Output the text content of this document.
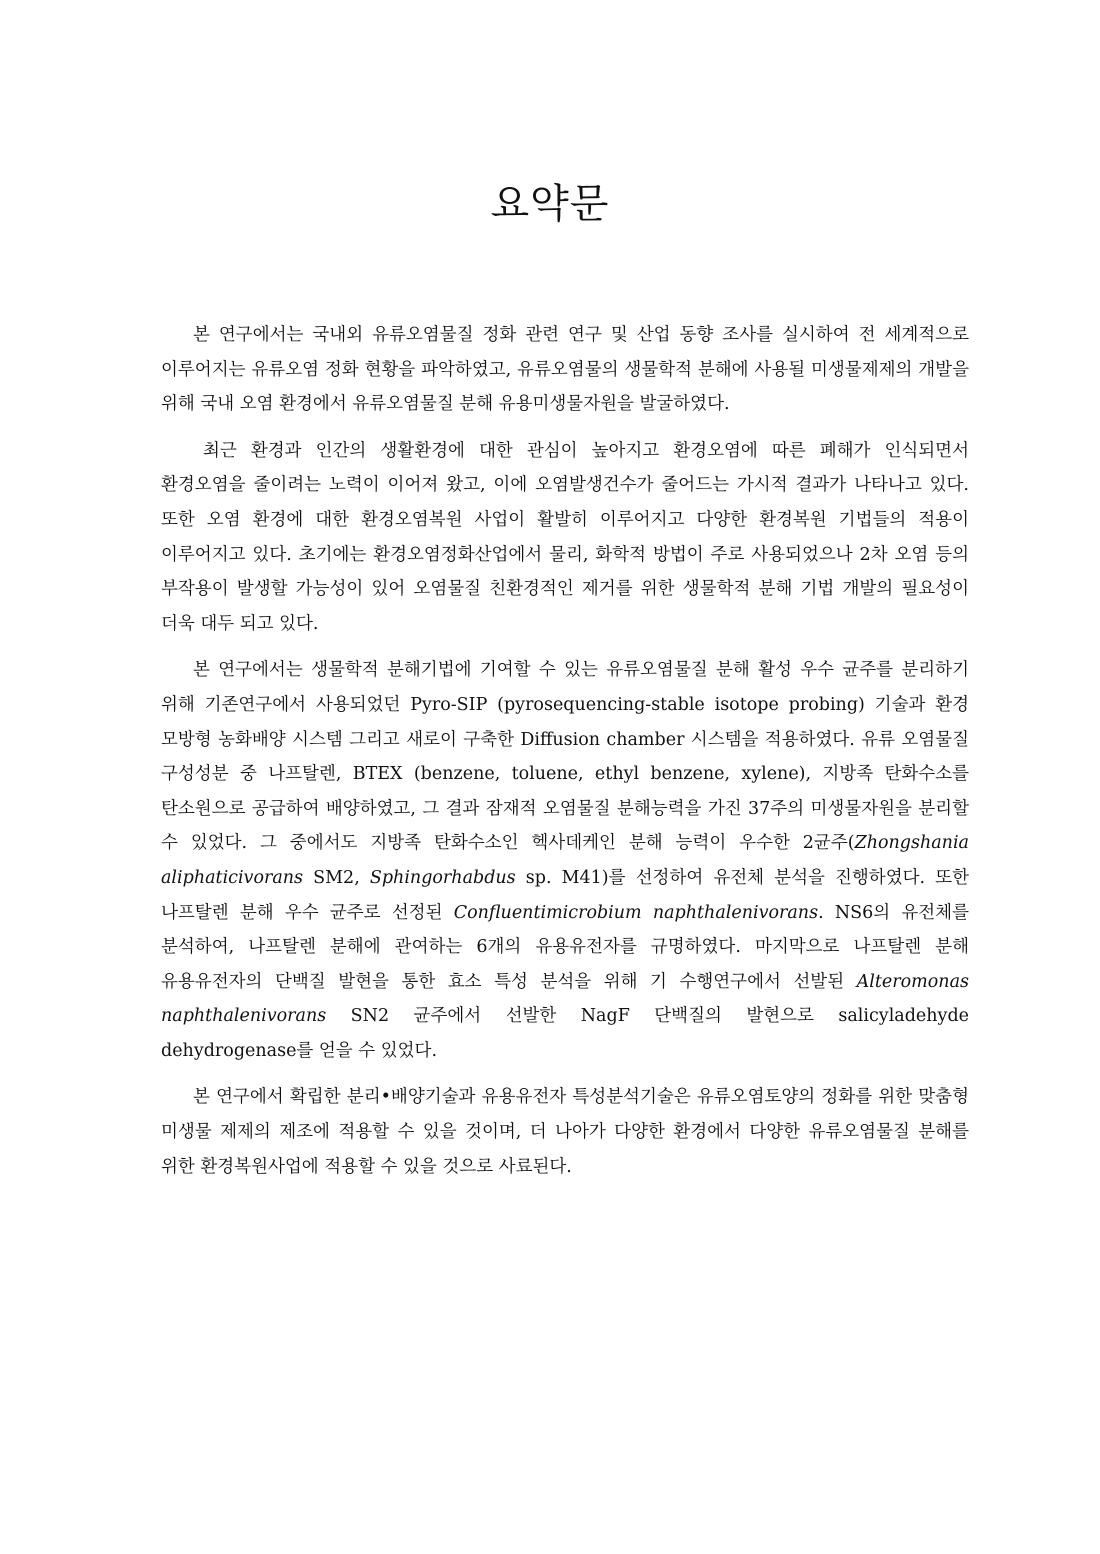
요약문

본 연구에서는 국내외 유류오염물질 정화 관련 연구 및 산업 동향 조사를 실시하여 전 세계적으로 이루어지는 유류오염 정화 현황을 파악하였고, 유류오염물의 생물학적 분해에 사용될 미생물제제의 개발을 위해 국내 오염 환경에서 유류오염물질 분해 유용미생물자원을 발굴하였다.

최근 환경과 인간의 생활환경에 대한 관심이 높아지고 환경오염에 따른 폐해가 인식되면서 환경오염을 줄이려는 노력이 이어져 왔고, 이에 오염발생건수가 줄어드는 가시적 결과가 나타나고 있다. 또한 오염 환경에 대한 환경오염복원 사업이 활발히 이루어지고 다양한 환경복원 기법들의 적용이 이루어지고 있다. 초기에는 환경오염정화산업에서 물리, 화학적 방법이 주로 사용되었으나 2차 오염 등의 부작용이 발생할 가능성이 있어 오염물질 친환경적인 제거를 위한 생물학적 분해 기법 개발의 필요성이 더욱 대두 되고 있다.

본 연구에서는 생물학적 분해기법에 기여할 수 있는 유류오염물질 분해 활성 우수 균주를 분리하기 위해 기존연구에서 사용되었던 Pyro-SIP (pyrosequencing-stable isotope probing) 기술과 환경 모방형 농화배양 시스템 그리고 새로이 구축한 Diffusion chamber 시스템을 적용하였다. 유류 오염물질 구성성분 중 나프탈렌, BTEX (benzene, toluene, ethyl benzene, xylene), 지방족 탄화수소를 탄소원으로 공급하여 배양하였고, 그 결과 잠재적 오염물질 분해능력을 가진 37주의 미생물자원을 분리할 수 있었다. 그 중에서도 지방족 탄화수소인 헥사데케인 분해 능력이 우수한 2균주(Zhongshania aliphaticivorans SM2, Sphingorhabdus sp. M41)를 선정하여 유전체 분석을 진행하였다. 또한 나프탈렌 분해 우수 균주로 선정된 Confluentimicrobium naphthalenivorans. NS6의 유전체를 분석하여, 나프탈렌 분해에 관여하는 6개의 유용유전자를 규명하였다. 마지막으로 나프탈렌 분해 유용유전자의 단백질 발현을 통한 효소 특성 분석을 위해 기 수행연구에서 선발된 Alteromonas naphthalenivorans SN2 균주에서 선발한 NagF 단백질의 발현으로 salicyladehyde dehydrogenase를 얻을 수 있었다.

본 연구에서 확립한 분리•배양기술과 유용유전자 특성분석기술은 유류오염토양의 정화를 위한 맞춤형 미생물 제제의 제조에 적용할 수 있을 것이며, 더 나아가 다양한 환경에서 다양한 유류오염물질 분해를 위한 환경복원사업에 적용할 수 있을 것으로 사료된다.
